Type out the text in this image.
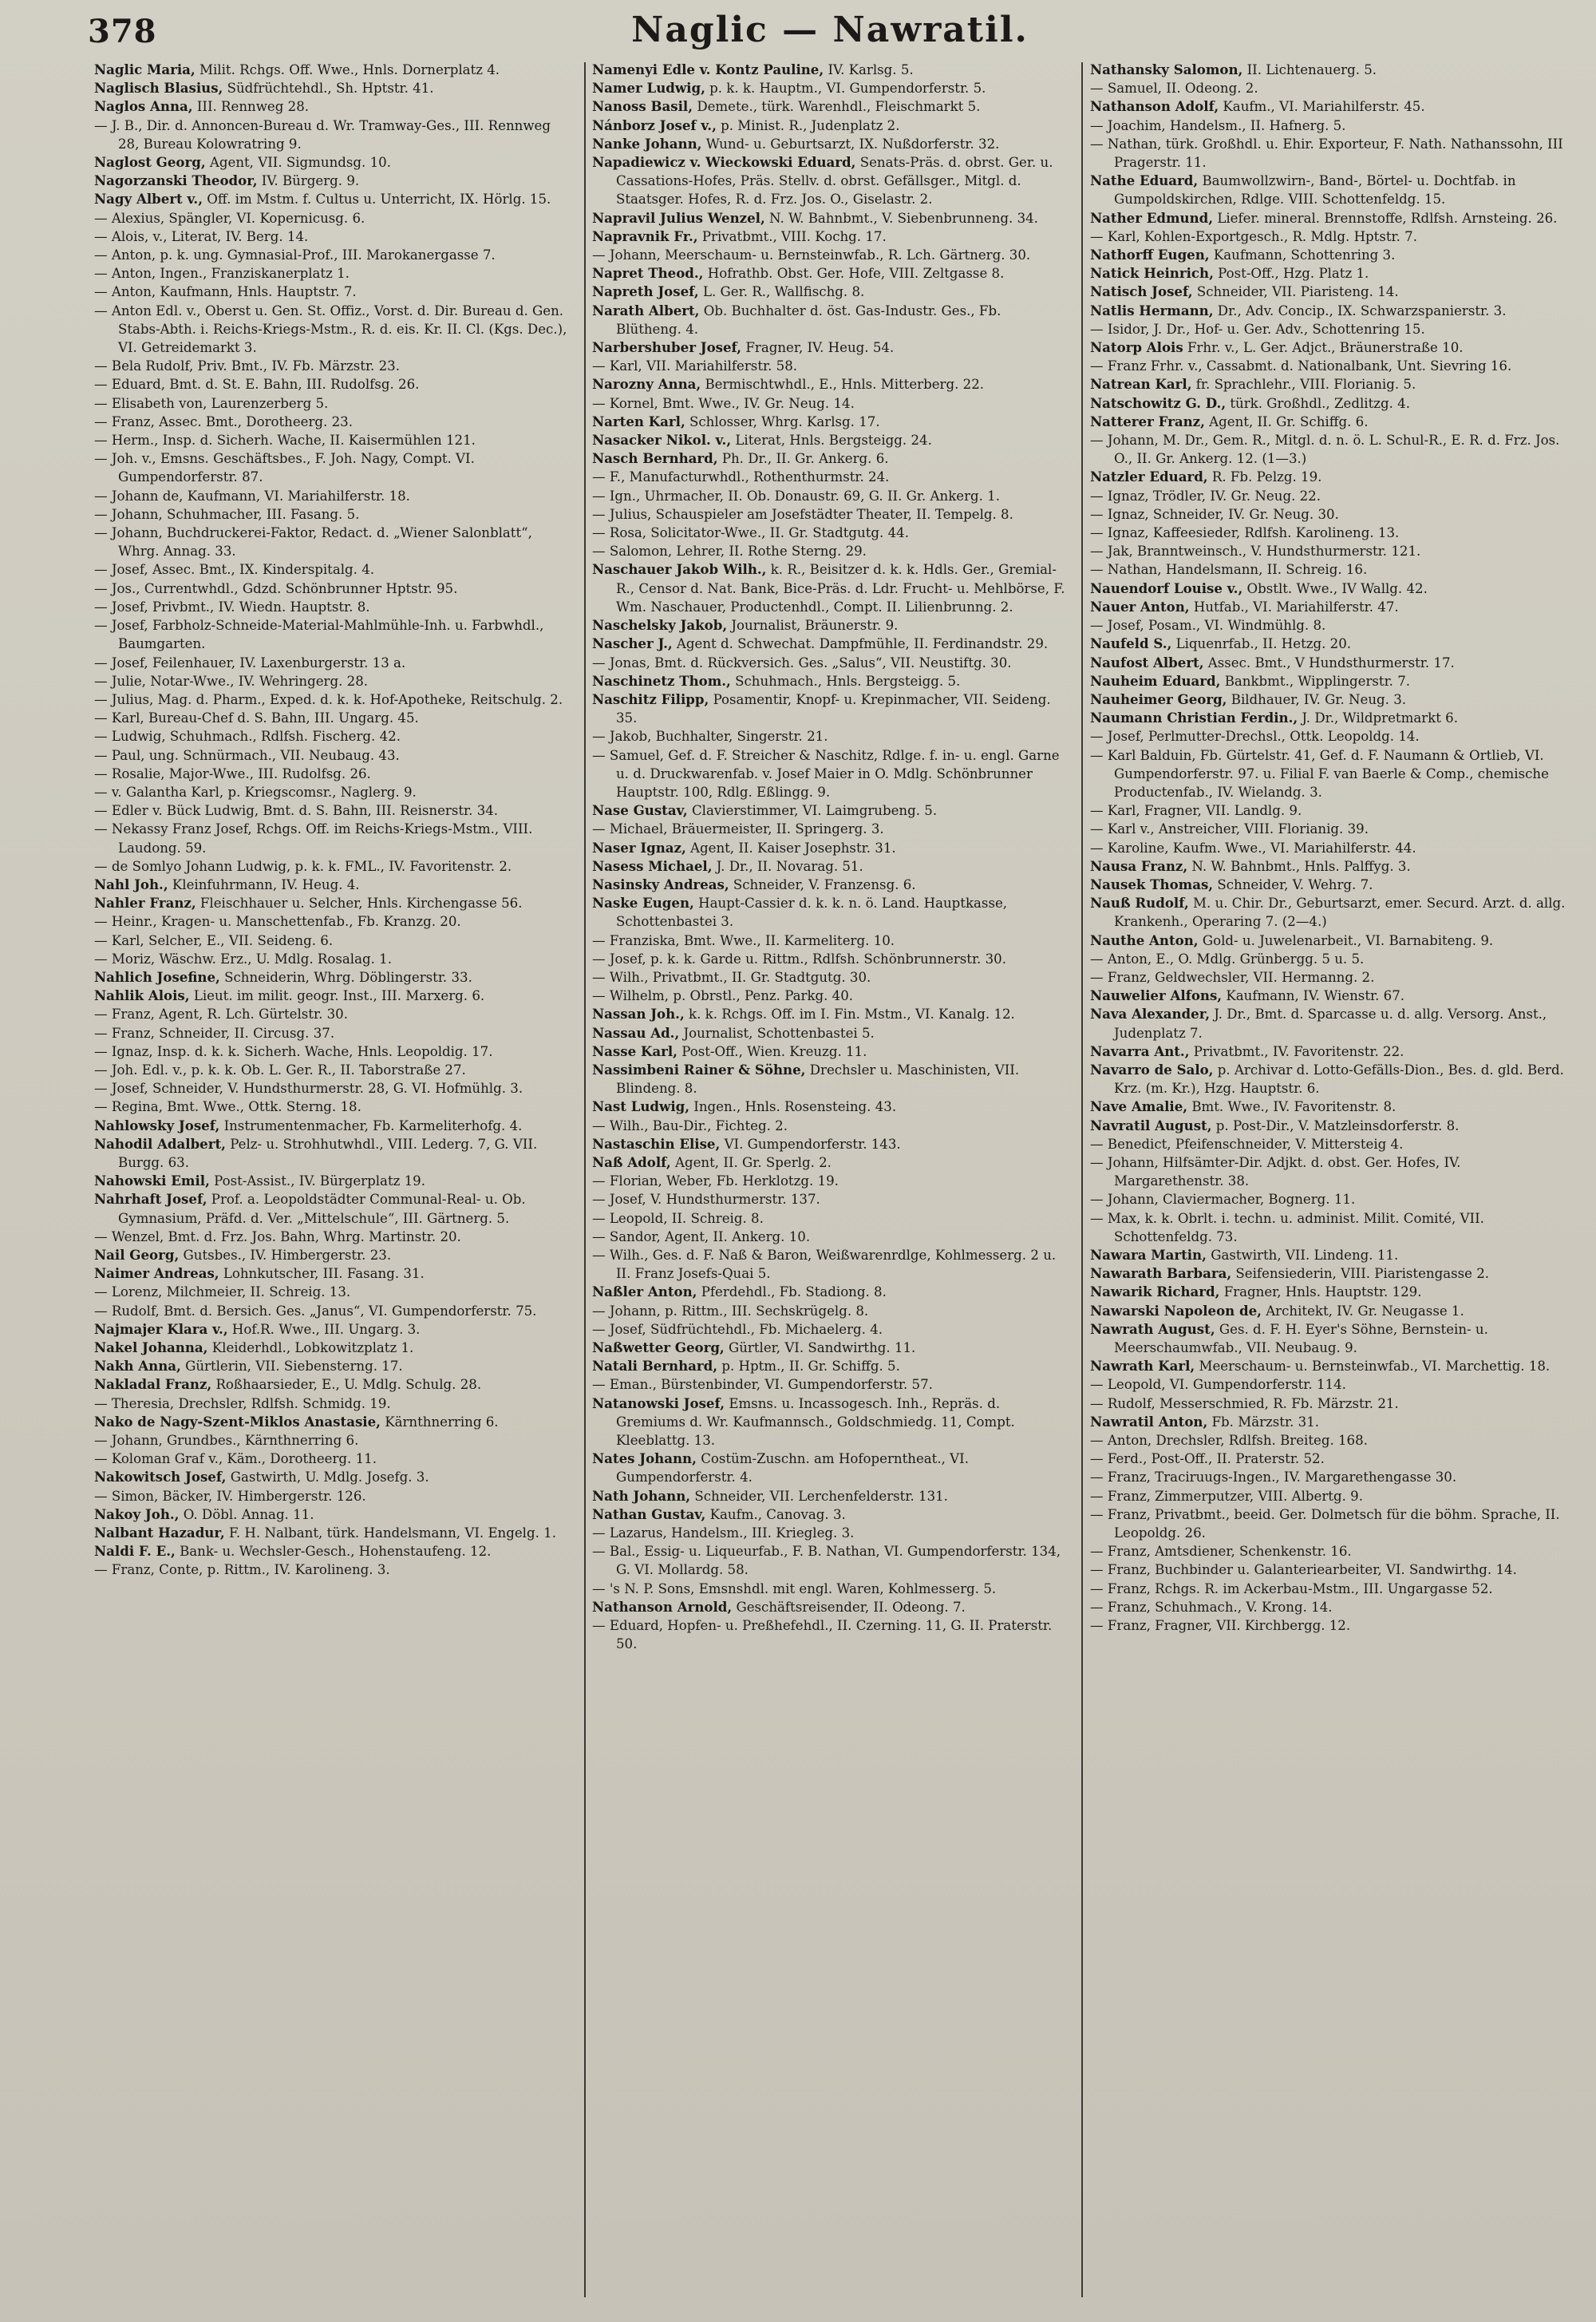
378	Naglic — Nawratil.

Naglic Maria, Milit. Rchgs. Off. Wwe., Hnls. Dornerplatz 4.

Naglisch Blasius, Südfrüchtehdl., Sh. Hptstr. 41.

Naglos Anna, III. Rennweg 28.

— J. B., Dir. d. Annoncen-Bureau d. Wr. Tramway-Ges., III. Rennweg 28, Bureau Kolowratring 9.

Naglost Georg, Agent, VII. Sigmundsg. 10.

Nagorzanski Theodor, IV. Bürgerg. 9.

Nagy Albert v., Off. im Mstm. f. Cultus u. Unterricht, IX. Hörlg. 15.

— Alexius, Spängler, VI. Kopernicusg. 6.

— Alois, v., Literat, IV. Berg. 14.

— Anton, p. k. ung. Gymnasial-Prof., III. Marokanergasse 7.

— Anton, Ingen., Franziskanerplatz 1.

— Anton, Kaufmann, Hnls. Hauptstr. 7.

— Anton Edl. v., Oberst u. Gen. St. Offiz., Vorst. d. Dir. Bureau d. Gen. Stabs-Abth. i. Reichs-Kriegs-Mstm., R. d. eis. Kr. II. Cl. (Kgs. Dec.), VI. Getreidemarkt 3.

— Bela Rudolf, Priv. Bmt., IV. Fb. Märzstr. 23.

— Eduard, Bmt. d. St. E. Bahn, III. Rudolfsg. 26.

— Elisabeth von, Laurenzerberg 5.

— Franz, Assec. Bmt., Dorotheerg. 23.

— Herm., Insp. d. Sicherh. Wache, II. Kaisermühlen 121.

— Joh. v., Emsns. Geschäftsbes., F. Joh. Nagy, Compt. VI. Gumpendorferstr. 87.

— Johann de, Kaufmann, VI. Mariahilferstr. 18.

— Johann, Schuhmacher, III. Fasang. 5.

— Johann, Buchdruckerei-Faktor, Redact. d. „Wiener Salonblatt“, Whrg. Annag. 33.

— Josef, Assec. Bmt., IX. Kinderspitalg. 4.

— Jos., Currentwhdl., Gdzd. Schönbrunner Hptstr. 95.

— Josef, Privbmt., IV. Wiedn. Hauptstr. 8.

— Josef, Farbholz-Schneide-Material-Mahlmühle-Inh. u. Farbwhdl., Baumgarten.

— Josef, Feilenhauer, IV. Laxenburgerstr. 13 a.

— Julie, Notar-Wwe., IV. Wehringerg. 28.

— Julius, Mag. d. Pharm., Exped. d. k. k. Hof-Apotheke, Reitschulg. 2.

— Karl, Bureau-Chef d. S. Bahn, III. Ungarg. 45.

— Ludwig, Schuhmach., Rdlfsh. Fischerg. 42.

— Paul, ung. Schnürmach., VII. Neubaug. 43.

— Rosalie, Major-Wwe., III. Rudolfsg. 26.

— v. Galantha Karl, p. Kriegscomsr., Naglerg. 9.

— Edler v. Bück Ludwig, Bmt. d. S. Bahn, III. Reisnerstr. 34.

— Nekassy Franz Josef, Rchgs. Off. im Reichs-Kriegs-Mstm., VIII. Laudong. 59.

— de Somlyo Johann Ludwig, p. k. k. FML., IV. Favoritenstr. 2.

Nahl Joh., Kleinfuhrmann, IV. Heug. 4.

Nahler Franz, Fleischhauer u. Selcher, Hnls. Kirchengasse 56.

— Heinr., Kragen- u. Manschettenfab., Fb. Kranzg. 20.

— Karl, Selcher, E., VII. Seideng. 6.

— Moriz, Wäschw. Erz., U. Mdlg. Rosalag. 1.

Nahlich Josefine, Schneiderin, Whrg. Döblingerstr. 33.

Nahlik Alois, Lieut. im milit. geogr. Inst., III. Marxerg. 6.

— Franz, Agent, R. Lch. Gürtelstr. 30.

— Franz, Schneider, II. Circusg. 37.

— Ignaz, Insp. d. k. k. Sicherh. Wache, Hnls. Leopoldig. 17.

— Joh. Edl. v., p. k. k. Ob. L. Ger. R., II. Taborstraße 27.

— Josef, Schneider, V. Hundsthurmerstr. 28, G. VI. Hofmühlg. 3.

— Regina, Bmt. Wwe., Ottk. Sterng. 18.

Nahlowsky Josef, Instrumentenmacher, Fb. Karmeliterhofg. 4.

Nahodil Adalbert, Pelz- u. Strohhutwhdl., VIII. Lederg. 7, G. VII. Burgg. 63.

Nahowski Emil, Post-Assist., IV. Bürgerplatz 19.

Nahrhaft Josef, Prof. a. Leopoldstädter Communal-Real- u. Ob. Gymnasium, Präfd. d. Ver. „Mittelschule“, III. Gärtnerg. 5.

— Wenzel, Bmt. d. Frz. Jos. Bahn, Whrg. Martinstr. 20.

Nail Georg, Gutsbes., IV. Himbergerstr. 23.

Naimer Andreas, Lohnkutscher, III. Fasang. 31.

— Lorenz, Milchmeier, II. Schreig. 13.

— Rudolf, Bmt. d. Bersich. Ges. „Janus“, VI. Gumpendorferstr. 75.

Najmajer Klara v., Hof.R. Wwe., III. Ungarg. 3.

Nakel Johanna, Kleiderhdl., Lobkowitzplatz 1.

Nakh Anna, Gürtlerin, VII. Siebensterng. 17.

Nakladal Franz, Roßhaarsieder, E., U. Mdlg. Schulg. 28.

— Theresia, Drechsler, Rdlfsh. Schmidg. 19.

Nako de Nagy-Szent-Miklos Anastasie, Kärnthnerring 6.

— Johann, Grundbes., Kärnthnerring 6.

— Koloman Graf v., Käm., Dorotheerg. 11.

Nakowitsch Josef, Gastwirth, U. Mdlg. Josefg. 3.

— Simon, Bäcker, IV. Himbergerstr. 126.

Nakoy Joh., O. Döbl. Annag. 11.

Nalbant Hazadur, F. H. Nalbant, türk. Handelsmann, VI. Engelg. 1.

Naldi F. E., Bank- u. Wechsler-Gesch., Hohenstaufeng. 12.

— Franz, Conte, p. Rittm., IV. Karolineng. 3.

Namenyi Edle v. Kontz Pauline, IV. Karlsg. 5.

Namer Ludwig, p. k. k. Hauptm., VI. Gumpendorferstr. 5.

Nanoss Basil, Demete., türk. Warenhdl., Fleischmarkt 5.

Nánborz Josef v., p. Minist. R., Judenplatz 2.

Nanke Johann, Wund- u. Geburtsarzt, IX. Nußdorferstr. 32.

Napadiewicz v. Wieckowski Eduard, Senats-Präs. d. obrst. Ger. u. Cassations-Hofes, Präs. Stellv. d. obrst. Gefällsger., Mitgl. d. Staatsger. Hofes, R. d. Frz. Jos. O., Giselastr. 2.

Napravil Julius Wenzel, N. W. Bahnbmt., V. Siebenbrunneng. 34.

Napravnik Fr., Privatbmt., VIII. Kochg. 17.

— Johann, Meerschaum- u. Bernsteinwfab., R. Lch. Gärtnerg. 30.

Napret Theod., Hofrathb. Obst. Ger. Hofe, VIII. Zeltgasse 8.

Napreth Josef, L. Ger. R., Wallfischg. 8.

Narath Albert, Ob. Buchhalter d. öst. Gas-Industr. Ges., Fb. Blütheng. 4.

Narbershuber Josef, Fragner, IV. Heug. 54.

— Karl, VII. Mariahilferstr. 58.

Narozny Anna, Bermischtwhdl., E., Hnls. Mitterberg. 22.

— Kornel, Bmt. Wwe., IV. Gr. Neug. 14.

Narten Karl, Schlosser, Whrg. Karlsg. 17.

Nasacker Nikol. v., Literat, Hnls. Bergsteigg. 24.

Nasch Bernhard, Ph. Dr., II. Gr. Ankerg. 6.

— F., Manufacturwhdl., Rothenthurmstr. 24.

— Ign., Uhrmacher, II. Ob. Donaustr. 69, G. II. Gr. Ankerg. 1.

— Julius, Schauspieler am Josefstädter Theater, II. Tempelg. 8.

— Rosa, Solicitator-Wwe., II. Gr. Stadtgutg. 44.

— Salomon, Lehrer, II. Rothe Sterng. 29.

Naschauer Jakob Wilh., k. R., Beisitzer d. k. k. Hdls. Ger., Gremial-R., Censor d. Nat. Bank, Bice-Präs. d. Ldr. Frucht- u. Mehlbörse, F. Wm. Naschauer, Productenhdl., Compt. II. Lilienbrunng. 2.

Naschelsky Jakob, Journalist, Bräunerstr. 9.

Nascher J., Agent d. Schwechat. Dampfmühle, II. Ferdinandstr. 29.

— Jonas, Bmt. d. Rückversich. Ges. „Salus“, VII. Neustiftg. 30.

Naschinetz Thom., Schuhmach., Hnls. Bergsteigg. 5.

Naschitz Filipp, Posamentir, Knopf- u. Krepinmacher, VII. Seideng. 35.

— Jakob, Buchhalter, Singerstr. 21.

— Samuel, Gef. d. F. Streicher & Naschitz, Rdlge. f. in- u. engl. Garne u. d. Druckwarenfab. v. Josef Maier in O. Mdlg. Schönbrunner Hauptstr. 100, Rdlg. Eßlingg. 9.

Nase Gustav, Clavierstimmer, VI. Laimgrubeng. 5.

— Michael, Bräuermeister, II. Springerg. 3.

Naser Ignaz, Agent, II. Kaiser Josephstr. 31.

Nasess Michael, J. Dr., II. Novarag. 51.

Nasinsky Andreas, Schneider, V. Franzensg. 6.

Naske Eugen, Haupt-Cassier d. k. k. n. ö. Land. Hauptkasse, Schottenbastei 3.

— Franziska, Bmt. Wwe., II. Karmeliterg. 10.

— Josef, p. k. k. Garde u. Rittm., Rdlfsh. Schönbrunnerstr. 30.

— Wilh., Privatbmt., II. Gr. Stadtgutg. 30.

— Wilhelm, p. Obrstl., Penz. Parkg. 40.

Nassan Joh., k. k. Rchgs. Off. im I. Fin. Mstm., VI. Kanalg. 12.

Nassau Ad., Journalist, Schottenbastei 5.

Nasse Karl, Post-Off., Wien. Kreuzg. 11.

Nassimbeni Rainer & Söhne, Drechsler u. Maschinisten, VII. Blindeng. 8.

Nast Ludwig, Ingen., Hnls. Rosensteing. 43.

— Wilh., Bau-Dir., Fichteg. 2.

Nastaschin Elise, VI. Gumpendorferstr. 143.

Naß Adolf, Agent, II. Gr. Sperlg. 2.

— Florian, Weber, Fb. Herklotzg. 19.

— Josef, V. Hundsthurmerstr. 137.

— Leopold, II. Schreig. 8.

— Sandor, Agent, II. Ankerg. 10.

— Wilh., Ges. d. F. Naß & Baron, Weißwarenrdlge, Kohlmesserg. 2 u. II. Franz Josefs-Quai 5.

Naßler Anton, Pferdehdl., Fb. Stadiong. 8.

— Johann, p. Rittm., III. Sechskrügelg. 8.

— Josef, Südfrüchtehdl., Fb. Michaelerg. 4.

Naßwetter Georg, Gürtler, VI. Sandwirthg. 11.

Natali Bernhard, p. Hptm., II. Gr. Schiffg. 5.

— Eman., Bürstenbinder, VI. Gumpendorferstr. 57.

Natanowski Josef, Emsns. u. Incassogesch. Inh., Repräs. d. Gremiums d. Wr. Kaufmannsch., Goldschmiedg. 11, Compt. Kleeblattg. 13.

Nates Johann, Costüm-Zuschn. am Hofoperntheat., VI. Gumpendorferstr. 4.

Nath Johann, Schneider, VII. Lerchenfelderstr. 131.

Nathan Gustav, Kaufm., Canovag. 3.

— Lazarus, Handelsm., III. Kriegleg. 3.

— Bal., Essig- u. Liqueurfab., F. B. Nathan, VI. Gumpendorferstr. 134, G. VI. Mollardg. 58.

— 's N. P. Sons, Emsnshdl. mit engl. Waren, Kohlmesserg. 5.

Nathanson Arnold, Geschäftsreisender, II. Odeong. 7.

— Eduard, Hopfen- u. Preßhefehdl., II. Czerning. 11, G. II. Praterstr. 50.

Nathansky Salomon, II. Lichtenauerg. 5.

— Samuel, II. Odeong. 2.

Nathanson Adolf, Kaufm., VI. Mariahilferstr. 45.

— Joachim, Handelsm., II. Hafnerg. 5.

— Nathan, türk. Großhdl. u. Ehir. Exporteur, F. Nath. Nathanssohn, III Pragerstr. 11.

Nathe Eduard, Baumwollzwirn-, Band-, Börtel- u. Dochtfab. in Gumpoldskirchen, Rdlge. VIII. Schottenfeldg. 15.

Nather Edmund, Liefer. mineral. Brennstoffe, Rdlfsh. Arnsteing. 26.

— Karl, Kohlen-Exportgesch., R. Mdlg. Hptstr. 7.

Nathorff Eugen, Kaufmann, Schottenring 3.

Natick Heinrich, Post-Off., Hzg. Platz 1.

Natisch Josef, Schneider, VII. Piaristeng. 14.

Natlis Hermann, Dr., Adv. Concip., IX. Schwarzspanierstr. 3.

— Isidor, J. Dr., Hof- u. Ger. Adv., Schottenring 15.

Natorp Alois Frhr. v., L. Ger. Adjct., Bräunerstraße 10.

— Franz Frhr. v., Cassabmt. d. Nationalbank, Unt. Sievring 16.

Natrean Karl, fr. Sprachlehr., VIII. Florianig. 5.

Natschowitz G. D., türk. Großhdl., Zedlitzg. 4.

Natterer Franz, Agent, II. Gr. Schiffg. 6.

— Johann, M. Dr., Gem. R., Mitgl. d. n. ö. L. Schul-R., E. R. d. Frz. Jos. O., II. Gr. Ankerg. 12. (1—3.)

Natzler Eduard, R. Fb. Pelzg. 19.

— Ignaz, Trödler, IV. Gr. Neug. 22.

— Ignaz, Schneider, IV. Gr. Neug. 30.

— Ignaz, Kaffeesieder, Rdlfsh. Karolineng. 13.

— Jak, Branntweinsch., V. Hundsthurmerstr. 121.

— Nathan, Handelsmann, II. Schreig. 16.

Nauendorf Louise v., Obstlt. Wwe., IV Wallg. 42.

Nauer Anton, Hutfab., VI. Mariahilferstr. 47.

— Josef, Posam., VI. Windmühlg. 8.

Naufeld S., Liquenrfab., II. Hetzg. 20.

Naufost Albert, Assec. Bmt., V Hundsthurmerstr. 17.

Nauheim Eduard, Bankbmt., Wipplingerstr. 7.

Nauheimer Georg, Bildhauer, IV. Gr. Neug. 3.

Naumann Christian Ferdin., J. Dr., Wildpretmarkt 6.

— Josef, Perlmutter-Drechsl., Ottk. Leopoldg. 14.

— Karl Balduin, Fb. Gürtelstr. 41, Gef. d. F. Naumann & Ortlieb, VI. Gumpendorferstr. 97. u. Filial F. van Baerle & Comp., chemische Productenfab., IV. Wielandg. 3.

— Karl, Fragner, VII. Landlg. 9.

— Karl v., Anstreicher, VIII. Florianig. 39.

— Karoline, Kaufm. Wwe., VI. Mariahilferstr. 44.

Nausa Franz, N. W. Bahnbmt., Hnls. Palffyg. 3.

Nausek Thomas, Schneider, V. Wehrg. 7.

Nauß Rudolf, M. u. Chir. Dr., Geburtsarzt, emer. Securd. Arzt. d. allg. Krankenh., Operaring 7. (2—4.)

Nauthe Anton, Gold- u. Juwelenarbeit., VI. Barnabiteng. 9.

— Anton, E., O. Mdlg. Grünbergg. 5 u. 5.

— Franz, Geldwechsler, VII. Hermanng. 2.

Nauwelier Alfons, Kaufmann, IV. Wienstr. 67.

Nava Alexander, J. Dr., Bmt. d. Sparcasse u. d. allg. Versorg. Anst., Judenplatz 7.

Navarra Ant., Privatbmt., IV. Favoritenstr. 22.

Navarro de Salo, p. Archivar d. Lotto-Gefälls-Dion., Bes. d. gld. Berd. Krz. (m. Kr.), Hzg. Hauptstr. 6.

Nave Amalie, Bmt. Wwe., IV. Favoritenstr. 8.

Navratil August, p. Post-Dir., V. Matzleinsdorferstr. 8.

— Benedict, Pfeifenschneider, V. Mittersteig 4.

— Johann, Hilfsämter-Dir. Adjkt. d. obst. Ger. Hofes, IV. Margarethenstr. 38.

— Johann, Claviermacher, Bognerg. 11.

— Max, k. k. Obrlt. i. techn. u. administ. Milit. Comité, VII. Schottenfeldg. 73.

Nawara Martin, Gastwirth, VII. Lindeng. 11.

Nawarath Barbara, Seifensiederin, VIII. Piaristengasse 2.

Nawarik Richard, Fragner, Hnls. Hauptstr. 129.

Nawarski Napoleon de, Architekt, IV. Gr. Neugasse 1.

Nawrath August, Ges. d. F. H. Eyer's Söhne, Bernstein- u. Meerschaumwfab., VII. Neubaug. 9.

Nawrath Karl, Meerschaum- u. Bernsteinwfab., VI. Marchettig. 18.

— Leopold, VI. Gumpendorferstr. 114.

— Rudolf, Messerschmied, R. Fb. Märzstr. 21.

Nawratil Anton, Fb. Märzstr. 31.

— Anton, Drechsler, Rdlfsh. Breiteg. 168.

— Ferd., Post-Off., II. Praterstr. 52.

— Franz, Traciruugs-Ingen., IV. Margarethengasse 30.

— Franz, Zimmerputzer, VIII. Albertg. 9.

— Franz, Privatbmt., beeid. Ger. Dolmetsch für die böhm. Sprache, II. Leopoldg. 26.

— Franz, Amtsdiener, Schenkenstr. 16.

— Franz, Buchbinder u. Galanteriearbeiter, VI. Sandwirthg. 14.

— Franz, Rchgs. R. im Ackerbau-Mstm., III. Ungargasse 52.

— Franz, Schuhmach., V. Krong. 14.

— Franz, Fragner, VII. Kirchbergg. 12.
